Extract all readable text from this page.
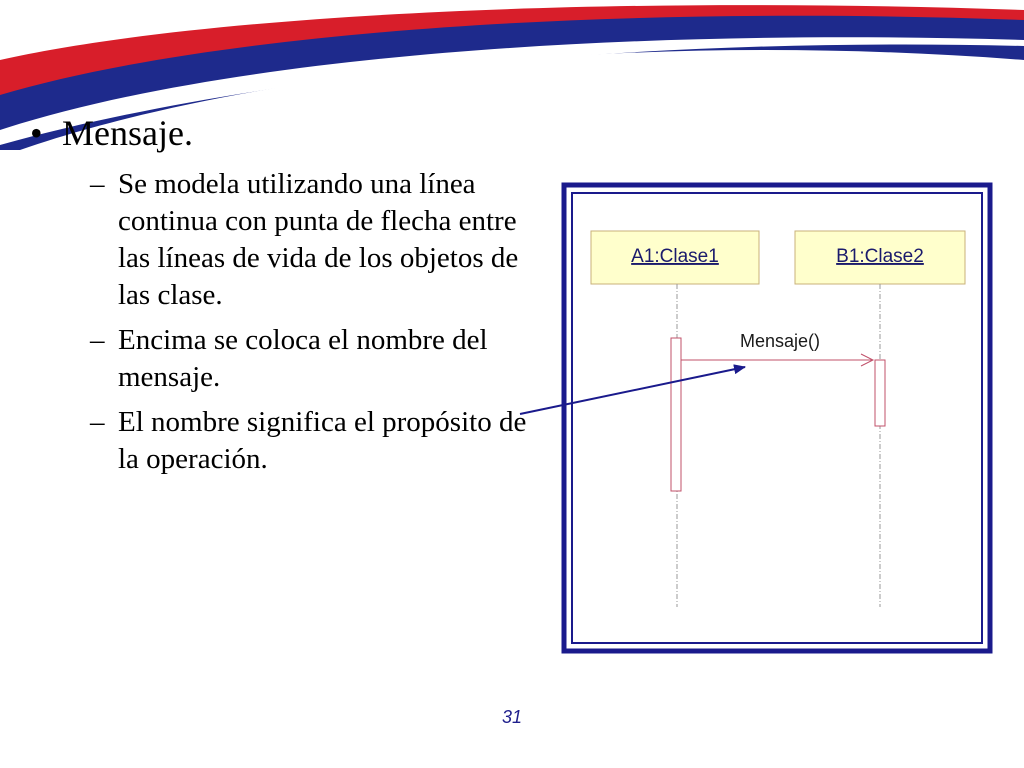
• Mensaje.
– Se modela utilizando una línea continua con punta de flecha entre las líneas de vida de los objetos de las clase.
– Encima se coloca el nombre del mensaje.
– El nombre significa el propósito de la operación.
A1:Clase1	B1:Clase2
Mensaje()
31
